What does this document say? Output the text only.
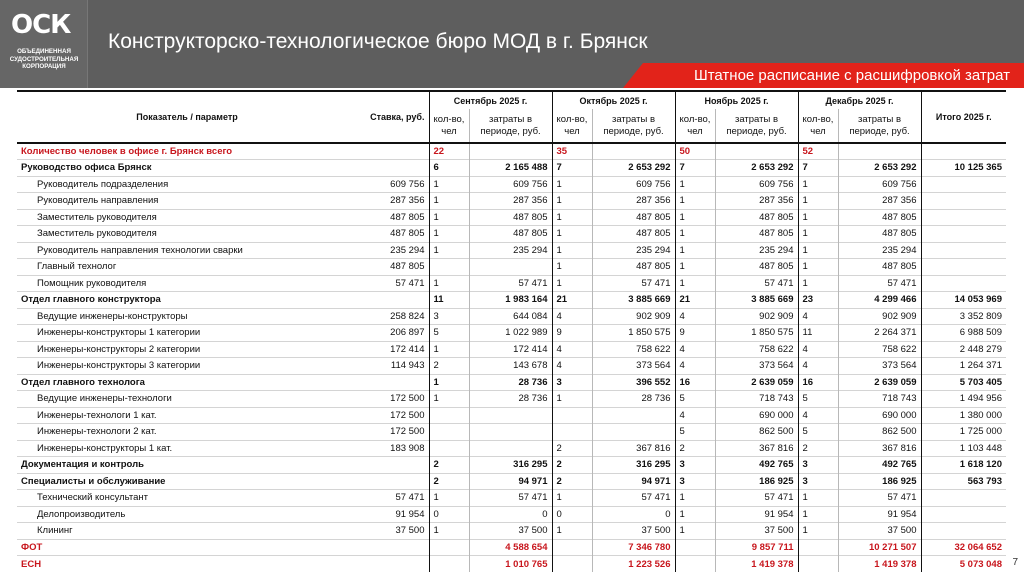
ОСК
ОБЪЕДИНЕННАЯ СУДОСТРОИТЕЛЬНАЯ КОРПОРАЦИЯ
Конструкторско-технологическое бюро МОД в г. Брянск
Штатное расписание с расшифровкой затрат
Показатель / параметр	Ставка, руб.	Сентябрь 2025 г.		Октябрь 2025 г.		Ноябрь 2025 г.		Декабрь 2025 г.		Итого 2025 г.
		кол-во, чел	затраты в периоде, руб.	кол-во, чел	затраты в периоде, руб.	кол-во, чел	затраты в периоде, руб.	кол-во, чел	затраты в периоде, руб.	
Количество человек в офисе г. Брянск всего		22		35		50		52		
Руководство офиса Брянск		6	2 165 488	7	2 653 292	7	2 653 292	7	2 653 292	10 125 365
Руководитель подразделения	609 756	1	609 756	1	609 756	1	609 756	1	609 756	
Руководитель направления	287 356	1	287 356	1	287 356	1	287 356	1	287 356	
Заместитель руководителя	487 805	1	487 805	1	487 805	1	487 805	1	487 805	
Заместитель руководителя	487 805	1	487 805	1	487 805	1	487 805	1	487 805	
Руководитель направления технологии сварки	235 294	1	235 294	1	235 294	1	235 294	1	235 294	
Главный технолог	487 805			1	487 805	1	487 805	1	487 805	
Помощник руководителя	57 471	1	57 471	1	57 471	1	57 471	1	57 471	
Отдел главного конструктора		11	1 983 164	21	3 885 669	21	3 885 669	23	4 299 466	14 053 969
Ведущие инженеры-конструкторы	258 824	3	644 084	4	902 909	4	902 909	4	902 909	3 352 809
Инженеры-конструкторы 1 категории	206 897	5	1 022 989	9	1 850 575	9	1 850 575	11	2 264 371	6 988 509
Инженеры-конструкторы 2 категории	172 414	1	172 414	4	758 622	4	758 622	4	758 622	2 448 279
Инженеры-конструкторы 3 категории	114 943	2	143 678	4	373 564	4	373 564	4	373 564	1 264 371
Отдел главного технолога		1	28 736	3	396 552	16	2 639 059	16	2 639 059	5 703 405
Ведущие инженеры-технологи	172 500	1	28 736	1	28 736	5	718 743	5	718 743	1 494 956
Инженеры-технологи 1 кат.	172 500					4	690 000	4	690 000	1 380 000
Инженеры-технологи 2 кат.	172 500					5	862 500	5	862 500	1 725 000
Инженеры-конструкторы 1 кат.	183 908			2	367 816	2	367 816	2	367 816	1 103 448
Документация и контроль		2	316 295	2	316 295	3	492 765	3	492 765	1 618 120
Специалисты и обслуживание		2	94 971	2	94 971	3	186 925	3	186 925	563 793
Технический консультант	57 471	1	57 471	1	57 471	1	57 471	1	57 471	
Делопроизводитель	91 954	0	0	0	0	1	91 954	1	91 954	
Клининг	37 500	1	37 500	1	37 500	1	37 500	1	37 500	
ФОТ			4 588 654		7 346 780		9 857 711		10 271 507	32 064 652
ЕСН			1 010 765		1 223 526		1 419 378		1 419 378	5 073 048 7
